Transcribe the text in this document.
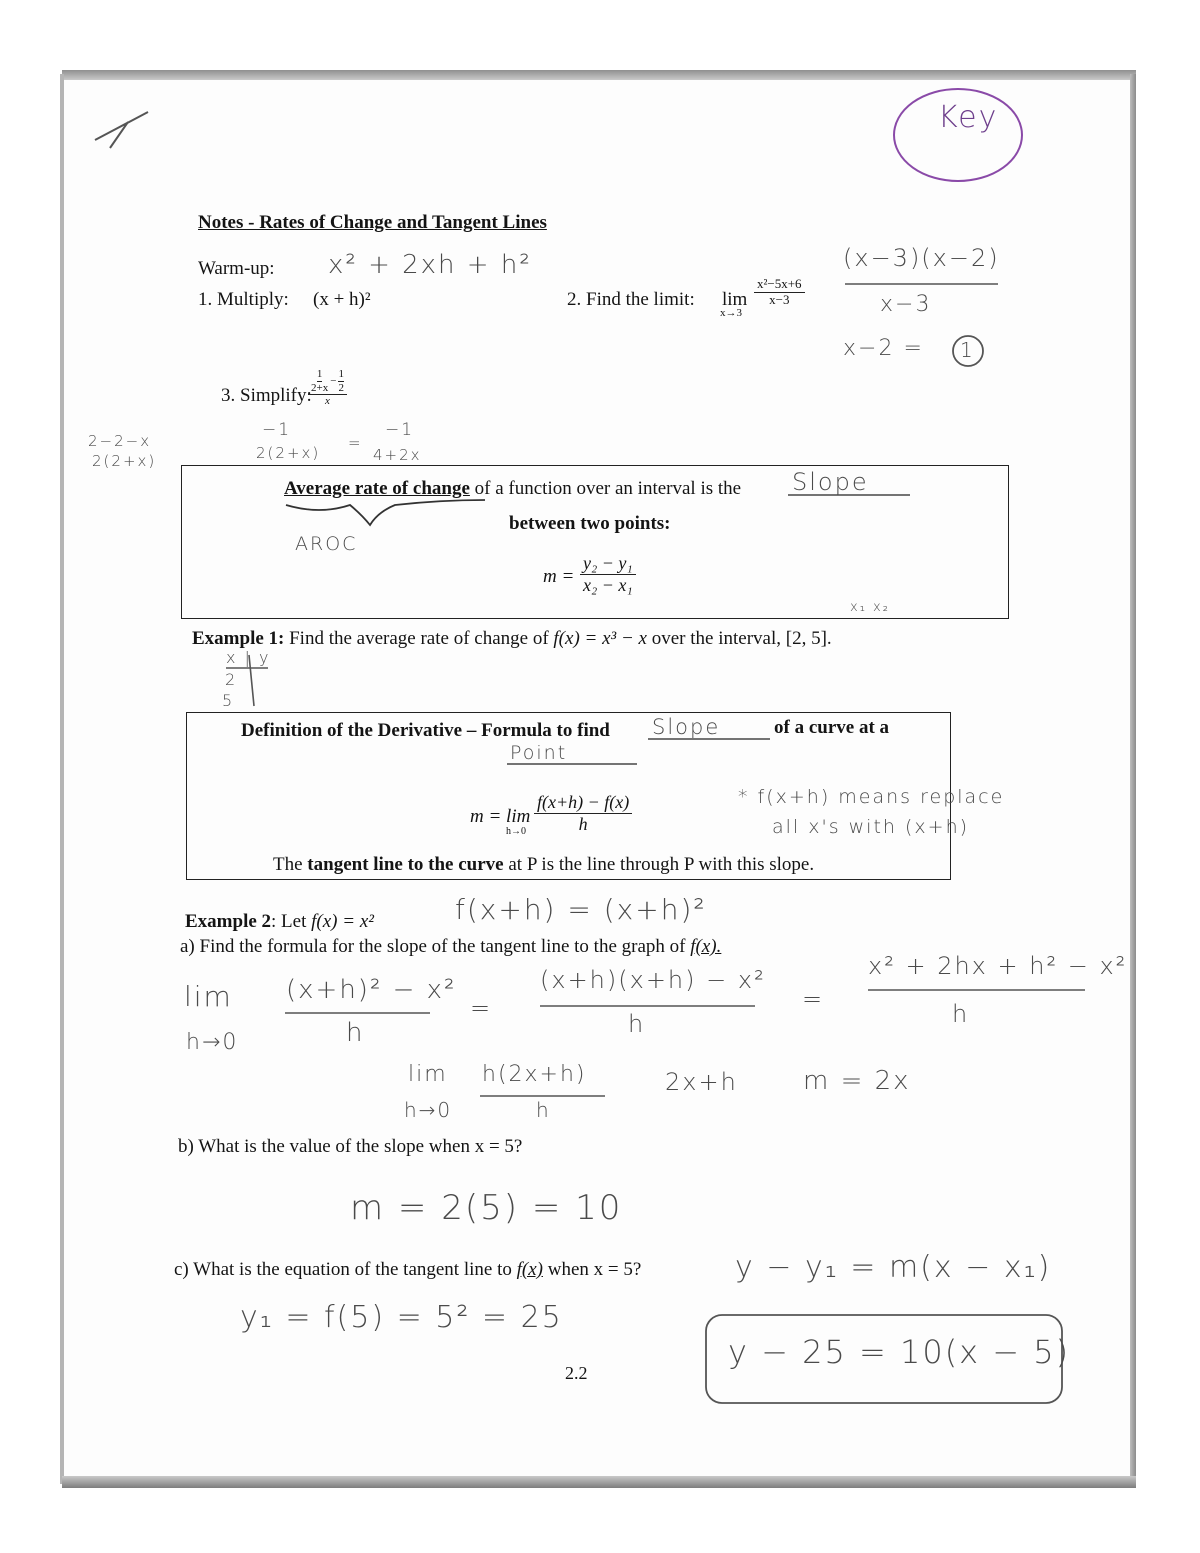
Notes - Rates of Change and Tangent Lines
Warm-up:
1. Multiply: (x + h)²	2. Find the limit: lim
x→3
$\frac{\text{x²−5x+6}}{x-3}$
3. Simplify:
$\frac{\frac{1}{2+x} - \frac{1}{2}}{x}$
Key
x² + 2xh + h²	(x−3)(x−2)
x−3
x−2 = 1
2−2−x
2(2+x)
−1
2(2+x)
=
−1
4+2x
Average rate of change of a function over an interval is the
between two points:
$m = \frac{\text{y₂ − y₁}}{\text{x₂ − x₁}}$
Slope
AROC
x₁ x₂
Example 1: Find the average rate of change of f(x) = x³ − x over the interval, [2, 5].
x | y
2
5
Definition of the Derivative – Formula to find	of a curve at a
Slope
Point
m = lim
$h\to 0 \frac{f(x+h) - f(x)}{h}$	* f(x+h) means replace
all x's with (x+h)
The tangent line to the curve at P is the line through P with this slope.
Example 2: Let f(x) = x²	f(x+h) = (x+h)²
a) Find the formula for the slope of the tangent line to the graph of f(x).
lim
h→0
(x+h)² − x²
h
=
(x+h)(x+h) − x²
h
=
x² + 2hx + h² − x²
h
lim
h→0
h(2x+h)
h
2x+h	m = 2x
b) What is the value of the slope when x = 5?
m = 2(5) = 10
c) What is the equation of the tangent line to f(x) when x = 5?	y − y₁ = m(x − x₁)
y₁ = f(5) = 5² = 25
y − 25 = 10(x − 5)
2.2
